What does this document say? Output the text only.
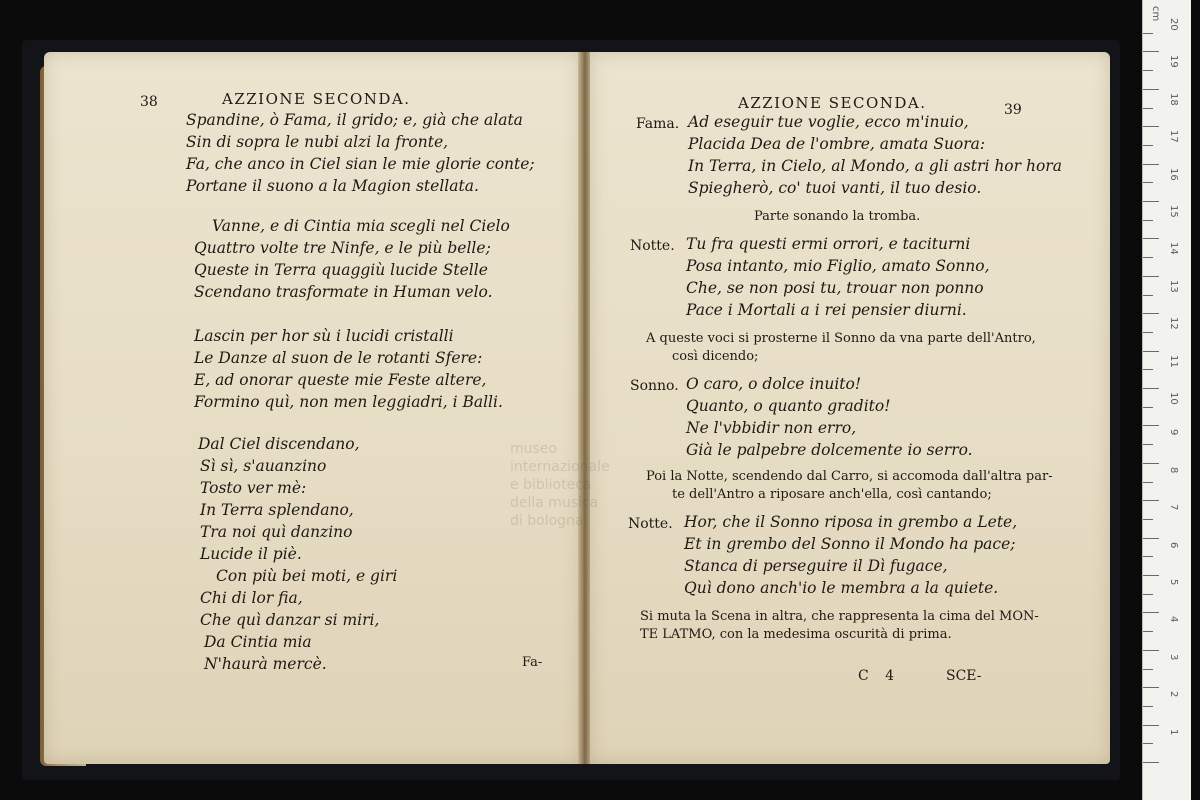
38	AZZIONE SECONDA.
Spandine, ò Fama, il grido; e, già che alata
Sin di sopra le nubi alzi la fronte,
Fa, che anco in Ciel sian le mie glorie conte;
Portane il suono a la Magion stellata.
Vanne, e di Cintia mia scegli nel Cielo
Quattro volte tre Ninfe, e le più belle;
Queste in Terra quaggiù lucide Stelle
Scendano trasformate in Human velo.
Lascin per hor sù i lucidi cristalli
Le Danze al suon de le rotanti Sfere:
E, ad onorar queste mie Feste altere,
Formino quì, non men leggiadri, i Balli.
Dal Ciel discendano,
Sì sì, s'auanzino
Tosto ver mè:
In Terra splendano,
Tra noi quì danzino
Lucide il piè.
Con più bei moti, e giri
Chi di lor fia,
Che quì danzar si miri,
Da Cintia mia
N'haurà mercè.	Fa-
AZZIONE SECONDA.	39
Fama. Ad eseguir tue voglie, ecco m'inuio,
Placida Dea de l'ombre, amata Suora:
In Terra, in Cielo, al Mondo, a gli astri hor hora
Spiegherò, co' tuoi vanti, il tuo desio.
Parte sonando la tromba.
Notte. Tu fra questi ermi orrori, e taciturni
Posa intanto, mio Figlio, amato Sonno,
Che, se non posi tu, trouar non ponno
Pace i Mortali a i rei pensier diurni.
A queste voci si prosterne il Sonno da vna parte dell'Antro,
così dicendo;
Sonno. O caro, o dolce inuito!
Quanto, o quanto gradito!
Ne l'vbbidir non erro,
Già le palpebre dolcemente io serro.
Poi la Notte, scendendo dal Carro, si accomoda dall'altra par-
te dell'Antro a riposare anch'ella, così cantando;
Notte. Hor, che il Sonno riposa in grembo a Lete,
Et in grembo del Sonno il Mondo ha pace;
Stanca di perseguire il Dì fugace,
Quì dono anch'io le membra a la quiete.
Si muta la Scena in altra, che rappresenta la cima del MON-
TE LATMO, con la medesima oscurità di prima.
C 4	SCE-
museo internazionale
e biblioteca
della musica
di bologna
cm
1
2
3
4
5
6
7
8
9
10
11
12
13
14
15
16
17
18
19
20
